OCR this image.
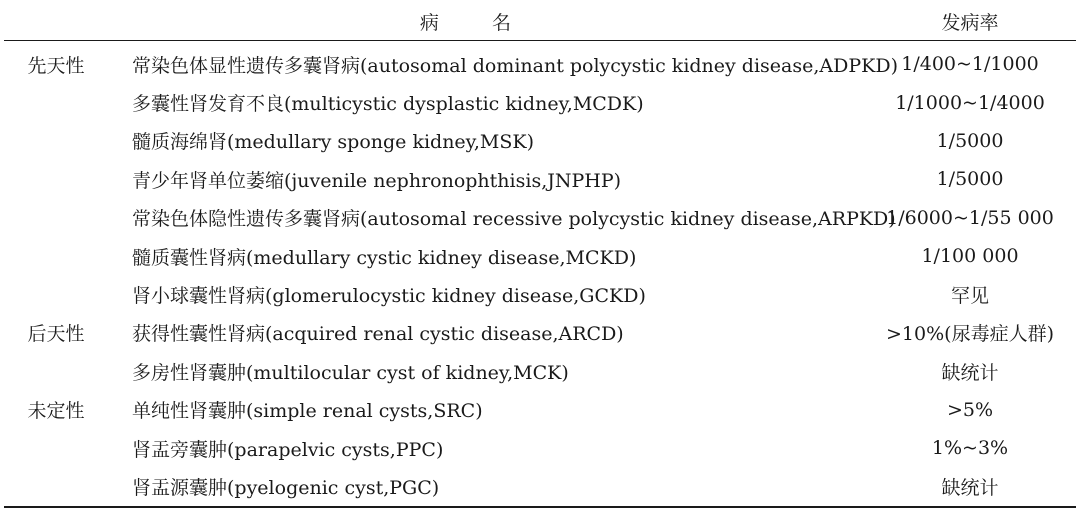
	病　名	发病率
先天性	常染色体显性遗传多囊肾病(autosomal dominant polycystic kidney disease,ADPKD)	1/400~1/1000
	多囊性肾发育不良(multicystic dysplastic kidney,MCDK)	1/1000~1/4000
	髓质海绵肾(medullary sponge kidney,MSK)	1/5000
	青少年肾单位萎缩(juvenile nephronophthisis,JNPHP)	1/5000
	常染色体隐性遗传多囊肾病(autosomal recessive polycystic kidney disease,ARPKD)	1/6000~1/55 000
	髓质囊性肾病(medullary cystic kidney disease,MCKD)	1/100 000
	肾小球囊性肾病(glomerulocystic kidney disease,GCKD)	罕见
后天性	获得性囊性肾病(acquired renal cystic disease,ARCD)	>10%(尿毒症人群)
	多房性肾囊肿(multilocular cyst of kidney,MCK)	缺统计
未定性	单纯性肾囊肿(simple renal cysts,SRC)	>5%
	肾盂旁囊肿(parapelvic cysts,PPC)	1%~3%
	肾盂源囊肿(pyelogenic cyst,PGC)	缺统计
